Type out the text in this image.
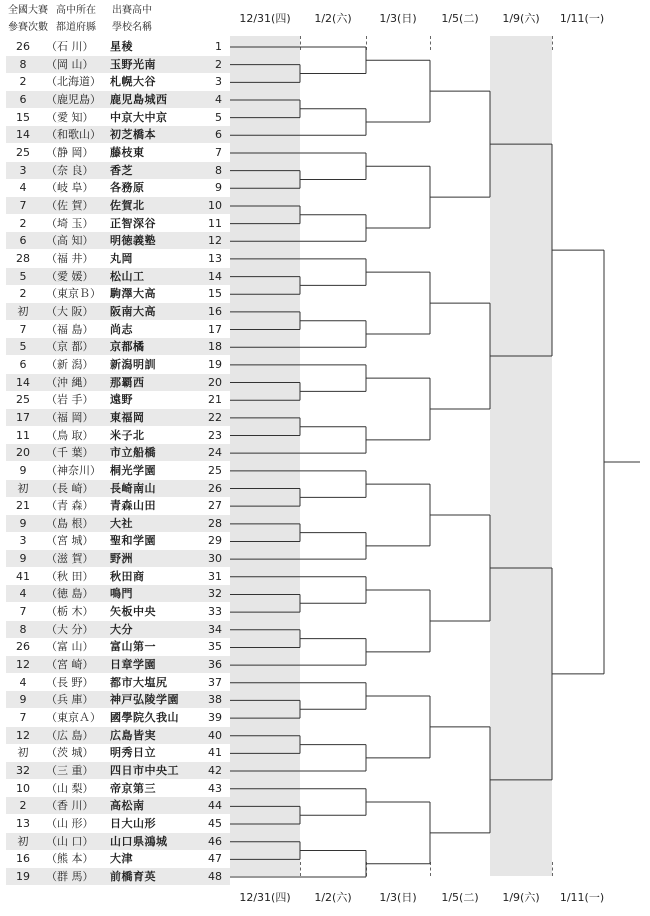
全國大賽
參賽次數
高中所在
都道府縣
出賽高中
學校名稱
12/31(四)
12/31(四)
1/2(六)
1/2(六)
1/3(日)
1/3(日)
1/5(二)
1/5(二)
1/9(六)
1/9(六)
1/11(一)
1/11(一)
26	（石 川）	星稜	1
8	（岡 山）	玉野光南	2
2	（北海道） 札幌大谷	3
6	（鹿児島） 鹿児島城西	4
15	（愛 知）	中京大中京	5
14	（和歌山） 初芝橋本	6
25	（静 岡）	藤枝東	7
3	（奈 良）	香芝	8
4	（岐 阜）	各務原	9
7	（佐 賀）	佐賀北	10
2	（埼 玉）	正智深谷	11
6	（高 知）	明徳義塾	12
28	（福 井）	丸岡	13
5	（愛 媛）	松山工	14
2	（東京Ｂ） 駒澤大高	15
初	（大 阪）	阪南大高	16
7	（福 島）	尚志	17
5	（京 都）	京都橘	18
6	（新 潟）	新潟明訓	19
14	（沖 縄）	那覇西	20
25	（岩 手）	遠野	21
17	（福 岡）	東福岡	22
11	（鳥 取）	米子北	23
20	（千 葉）	市立船橋	24
9	（神奈川） 桐光学園	25
初	（長 崎）	長崎南山	26
21	（青 森）	青森山田	27
9	（島 根）	大社	28
3	（宮 城）	聖和学園	29
9	（滋 賀）	野洲	30
41	（秋 田）	秋田商	31
4	（徳 島）	鳴門	32
7	（栃 木）	矢板中央	33
8	（大 分）	大分	34
26	（富 山）	富山第一	35
12	（宮 崎）	日章学園	36
4	（長 野）	都市大塩尻	37
9	（兵 庫）	神戸弘陵学園	38
7	（東京Ａ） 國學院久我山	39
12	（広 島）	広島皆実	40
初	（茨 城）	明秀日立	41
32	（三 重）	四日市中央工	42
10	（山 梨）	帝京第三	43
2	（香 川）	高松南	44
13	（山 形）	日大山形	45
初	（山 口）	山口県鴻城	46
16	（熊 本）	大津	47
19	（群 馬）	前橋育英	48
